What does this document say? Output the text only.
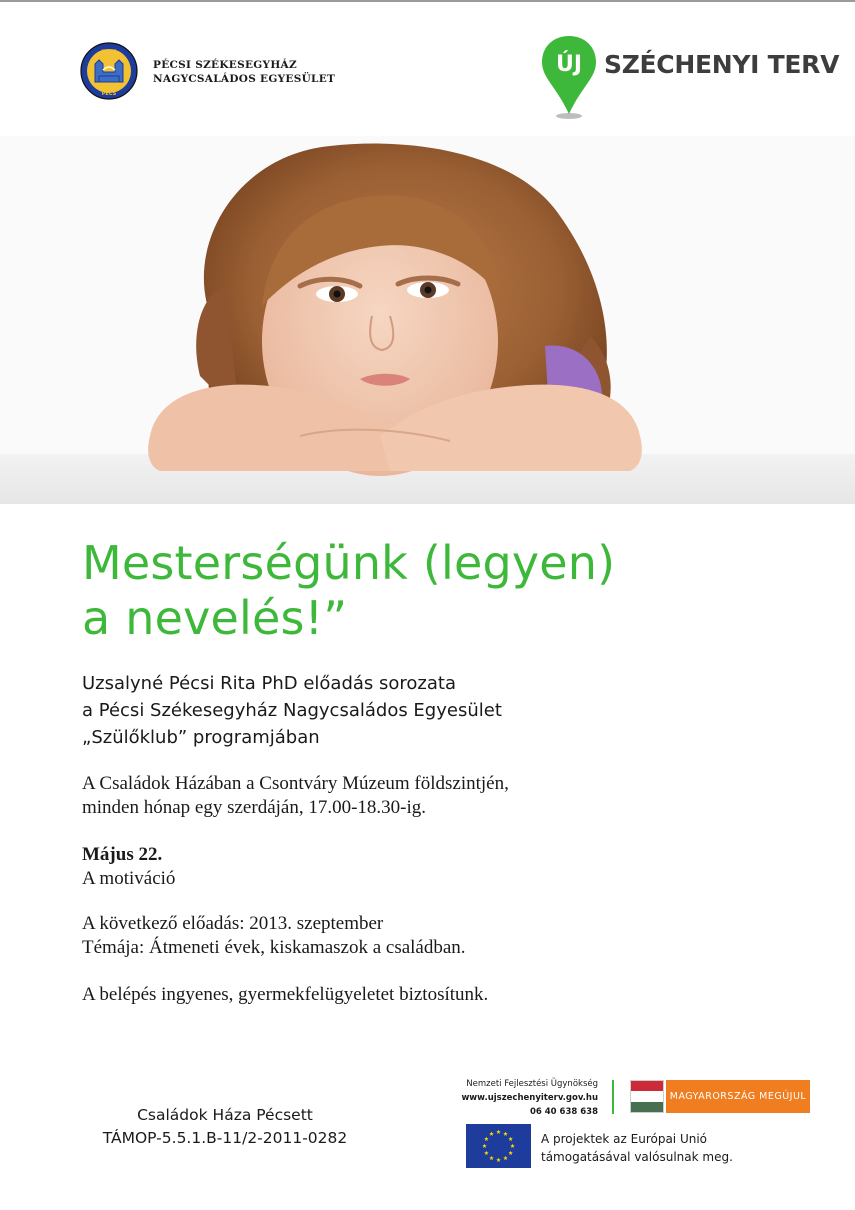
NOE
PÉCS
PÉCSI SZÉKESEGYHÁZ
NAGYCSALÁDOS EGYESÜLET
ÚJ SZÉCHENYI TERV
Mesterségünk (legyen)
a nevelés!”
Uzsalyné Pécsi Rita PhD előadás sorozata
a Pécsi Székesegyház Nagycsaládos Egyesület
„Szülőklub” programjában
A Családok Házában a Csontváry Múzeum földszintjén,
minden hónap egy szerdáján, 17.00-18.30-ig.
Május 22.
A motiváció
A következő előadás: 2013. szeptember
Témája: Átmeneti évek, kiskamaszok a családban.
A belépés ingyenes, gyermekfelügyeletet biztosítunk.
Családok Háza Pécsett
TÁMOP-5.5.1.B-11/2-2011-0282
Nemzeti Fejlesztési Ügynökség
www.ujszechenyiterv.gov.hu
06 40 638 638
MAGYARORSZÁG MEGÚJUL
A projektek az Európai Unió
támogatásával valósulnak meg.
